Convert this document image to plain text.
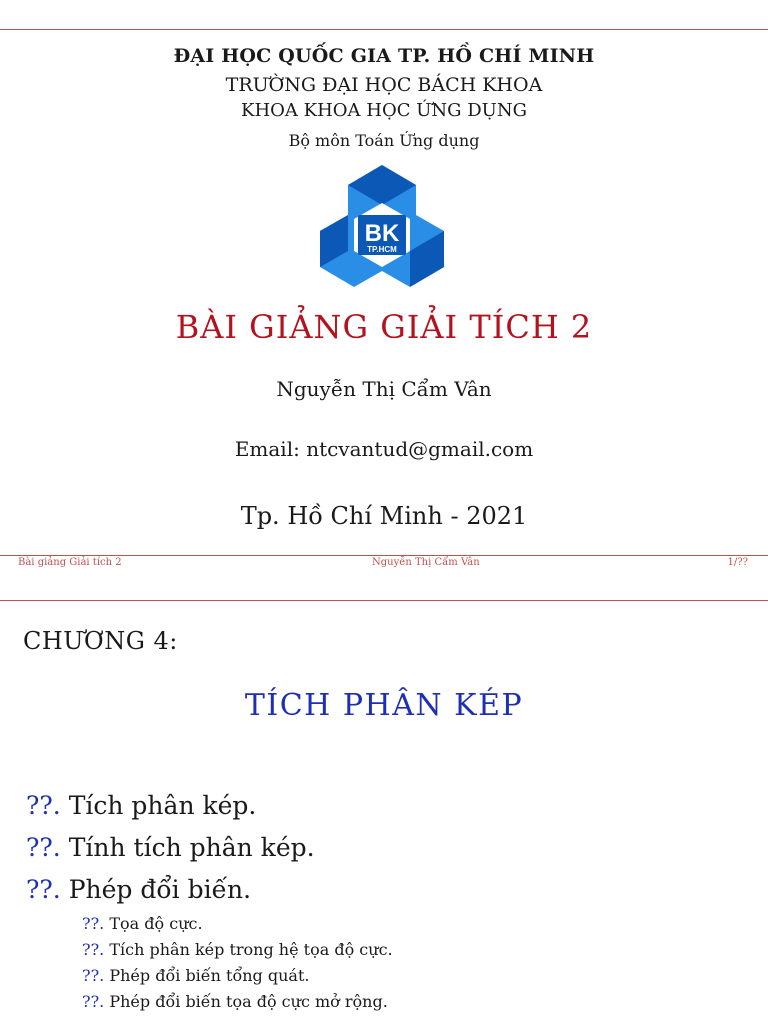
ĐẠI HỌC QUỐC GIA TP. HỒ CHÍ MINH
TRƯỜNG ĐẠI HỌC BÁCH KHOA
KHOA KHOA HỌC ỨNG DỤNG
Bộ môn Toán Ứng dụng
BK
TP.HCM
BÀI GIẢNG GIẢI TÍCH 2
Nguyễn Thị Cẩm Vân
Email: ntcvantud@gmail.com
Tp. Hồ Chí Minh - 2021
Bài giảng Giải tích 2	Nguyễn Thị Cẩm Vân	1/??
CHƯƠNG 4:
TÍCH PHÂN KÉP
??. Tích phân kép.
??. Tính tích phân kép.
??. Phép đổi biến.
??. Tọa độ cực.
??. Tích phân kép trong hệ tọa độ cực.
??. Phép đổi biến tổng quát.
??. Phép đổi biến tọa độ cực mở rộng.
